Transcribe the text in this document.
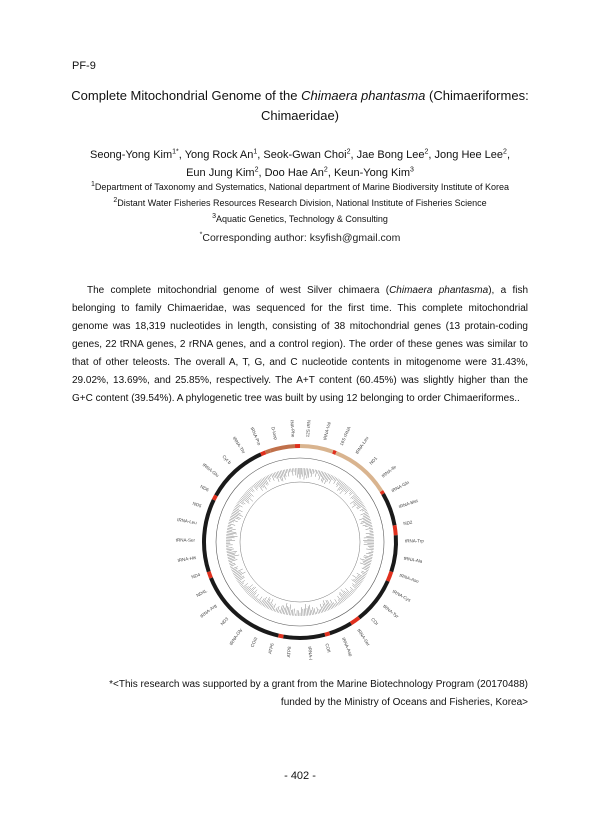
PF-9
Complete Mitochondrial Genome of the Chimaera phantasma (Chimaeriformes:
Chimaeridae)
Seong-Yong Kim$^{1*}$, Yong Rock An$^1$, Seok-Gwan Choi$^2$, Jae Bong Lee$^2$, Jong Hee Lee$^2$,
Eun Jung Kim$^2$, Doo Hae An$^2$, Keun-Yong Kim$^3$
$^1$Department of Taxonomy and Systematics, National department of Marine Biodiversity Institute of Korea
$^2$Distant Water Fisheries Resources Research Division, National Institute of Fisheries Science
$^3$Aquatic Genetics, Technology & Consulting
*Corresponding author: ksyfish@gmail.com
The complete mitochondrial genome of west Silver chimaera (Chimaera phantasma), a fish belonging to family Chimaeridae, was sequenced for the first time. This complete mitochondrial genome was 18,319 nucleotides in length, consisting of 38 mitochondrial genes (13 protain-coding genes, 22 tRNA genes, 2 rRNA genes, and a control region). The order of these genes was similar to that of other teleosts. The overall A, T, G, and C nucleotide contents in mitogenome were 31.43%, 29.02%, 13.69%, and 25.85%, respectively. The A+T content (60.45%) was slightly higher than the G+C content (39.54%). A phylogenetic tree was built by using 12 belonging to order Chimaeriformes..
D-loop tRNA-Phe 12S rRNA tRNA-Val 16S rRNA tRNA-Leu
ND1
tRNA-Ile
tRNA-Gln
tRNA-Met
ND2
tRNA-Trp
tRNA-Ala
tRNA-Asn
tRNA-Cys
tRNA-Tyr
COI
tRNA-Ser
tRNA-Asp
COII
tRNA-Lys
ATP8
ATP6
COIII
tRNA-Gly
ND3
tRNA-Arg
ND4L
ND4
tRNA-His
tRNA-Ser
tRNA-Leu
ND5
ND6
tRNA-Glu
Cyt b
tRNA-Thr tRNA-Pro
*<This research was supported by a grant from the Marine Biotechnology Program (20170488)
funded by the Ministry of Oceans and Fisheries, Korea>
- 402 -
